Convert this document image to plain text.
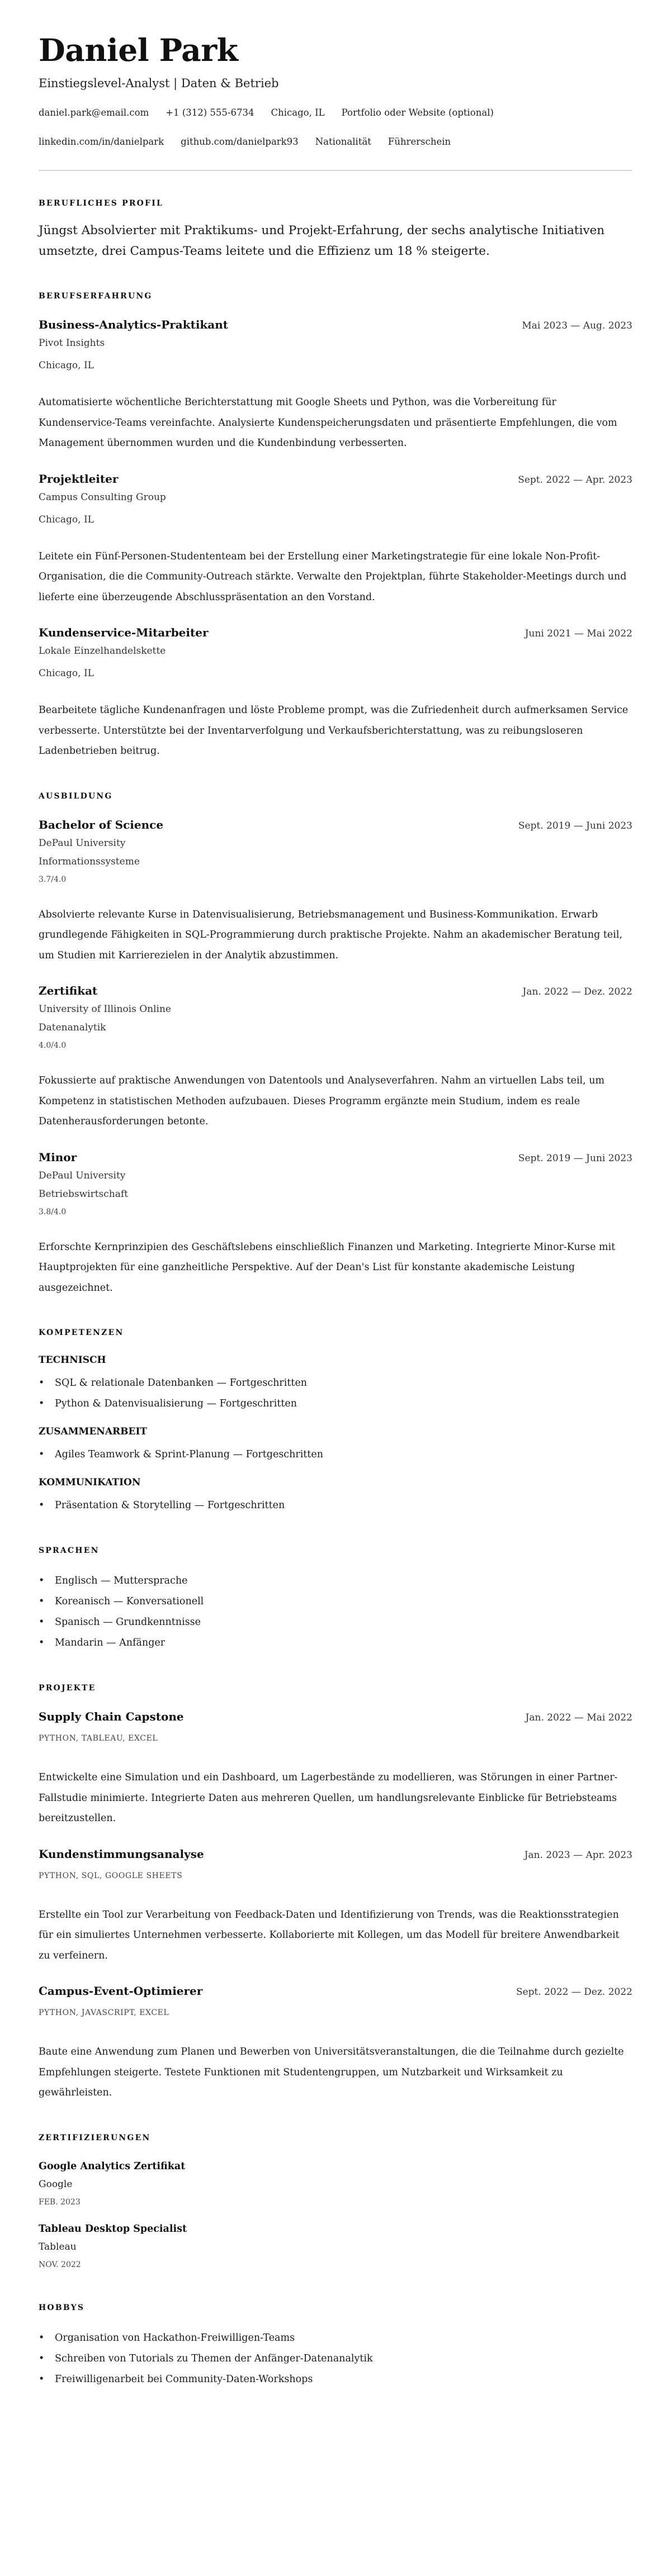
Daniel Park
Einstiegslevel-Analyst | Daten & Betrieb
daniel.park@email.com +1 (312) 555-6734 Chicago, IL Portfolio oder Website (optional)
linkedin.com/in/danielpark github.com/danielpark93 Nationalität Führerschein
BERUFLICHES PROFIL

Jüngst Absolvierter mit Praktikums- und Projekt-Erfahrung, der sechs analytische Initiativen umsetzte, drei Campus-Teams leitete und die Effizienz um 18 % steigerte.

BERUFSERFAHRUNG
Business-Analytics-Praktikant	Mai 2023 — Aug. 2023
Pivot Insights
Chicago, IL

Automatisierte wöchentliche Berichterstattung mit Google Sheets und Python, was die Vorbereitung für Kundenservice-Teams vereinfachte. Analysierte Kundenspeicherungsdaten und präsentierte Empfehlungen, die vom Management übernommen wurden und die Kundenbindung verbesserten.

Projektleiter	Sept. 2022 — Apr. 2023
Campus Consulting Group
Chicago, IL

Leitete ein Fünf-Personen-Studententeam bei der Erstellung einer Marketingstrategie für eine lokale Non-Profit-Organisation, die die Community-Outreach stärkte. Verwalte den Projektplan, führte Stakeholder-Meetings durch und lieferte eine überzeugende Abschlusspräsentation an den Vorstand.

Kundenservice-Mitarbeiter	Juni 2021 — Mai 2022
Lokale Einzelhandelskette
Chicago, IL

Bearbeitete tägliche Kundenanfragen und löste Probleme prompt, was die Zufriedenheit durch aufmerksamen Service verbesserte. Unterstützte bei der Inventarverfolgung und Verkaufsberichterstattung, was zu reibungsloseren Ladenbetrieben beitrug.

AUSBILDUNG
Bachelor of Science	Sept. 2019 — Juni 2023
DePaul University
Informationssysteme
3.7/4.0

Absolvierte relevante Kurse in Datenvisualisierung, Betriebsmanagement und Business-Kommunikation. Erwarb grundlegende Fähigkeiten in SQL-Programmierung durch praktische Projekte. Nahm an akademischer Beratung teil, um Studien mit Karrierezielen in der Analytik abzustimmen.

Zertifikat	Jan. 2022 — Dez. 2022
University of Illinois Online
Datenanalytik
4.0/4.0

Fokussierte auf praktische Anwendungen von Datentools und Analyseverfahren. Nahm an virtuellen Labs teil, um Kompetenz in statistischen Methoden aufzubauen. Dieses Programm ergänzte mein Studium, indem es reale Datenherausforderungen betonte.

Minor	Sept. 2019 — Juni 2023
DePaul University
Betriebswirtschaft
3.8/4.0

Erforschte Kernprinzipien des Geschäftslebens einschließlich Finanzen und Marketing. Integrierte Minor-Kurse mit Hauptprojekten für eine ganzheitliche Perspektive. Auf der Dean's List für konstante akademische Leistung ausgezeichnet.

KOMPETENZEN
TECHNISCH
•	SQL & relationale Datenbanken — Fortgeschritten
•	Python & Datenvisualisierung — Fortgeschritten
ZUSAMMENARBEIT
•	Agiles Teamwork & Sprint-Planung — Fortgeschritten
KOMMUNIKATION
•	Präsentation & Storytelling — Fortgeschritten
SPRACHEN
•	Englisch — Muttersprache
•	Koreanisch — Konversationell
•	Spanisch — Grundkenntnisse
•	Mandarin — Anfänger
PROJEKTE
Supply Chain Capstone	Jan. 2022 — Mai 2022
PYTHON, TABLEAU, EXCEL

Entwickelte eine Simulation und ein Dashboard, um Lagerbestände zu modellieren, was Störungen in einer Partner-Fallstudie minimierte. Integrierte Daten aus mehreren Quellen, um handlungsrelevante Einblicke für Betriebsteams bereitzustellen.

Kundenstimmungsanalyse	Jan. 2023 — Apr. 2023
PYTHON, SQL, GOOGLE SHEETS

Erstellte ein Tool zur Verarbeitung von Feedback-Daten und Identifizierung von Trends, was die Reaktionsstrategien für ein simuliertes Unternehmen verbesserte. Kollaborierte mit Kollegen, um das Modell für breitere Anwendbarkeit zu verfeinern.

Campus-Event-Optimierer	Sept. 2022 — Dez. 2022
PYTHON, JAVASCRIPT, EXCEL

Baute eine Anwendung zum Planen und Bewerben von Universitätsveranstaltungen, die die Teilnahme durch gezielte Empfehlungen steigerte. Testete Funktionen mit Studentengruppen, um Nutzbarkeit und Wirksamkeit zu gewährleisten.

ZERTIFIZIERUNGEN
Google Analytics Zertifikat
Google
FEB. 2023
Tableau Desktop Specialist
Tableau
NOV. 2022
HOBBYS
•	Organisation von Hackathon-Freiwilligen-Teams
•	Schreiben von Tutorials zu Themen der Anfänger-Datenanalytik
•	Freiwilligenarbeit bei Community-Daten-Workshops
